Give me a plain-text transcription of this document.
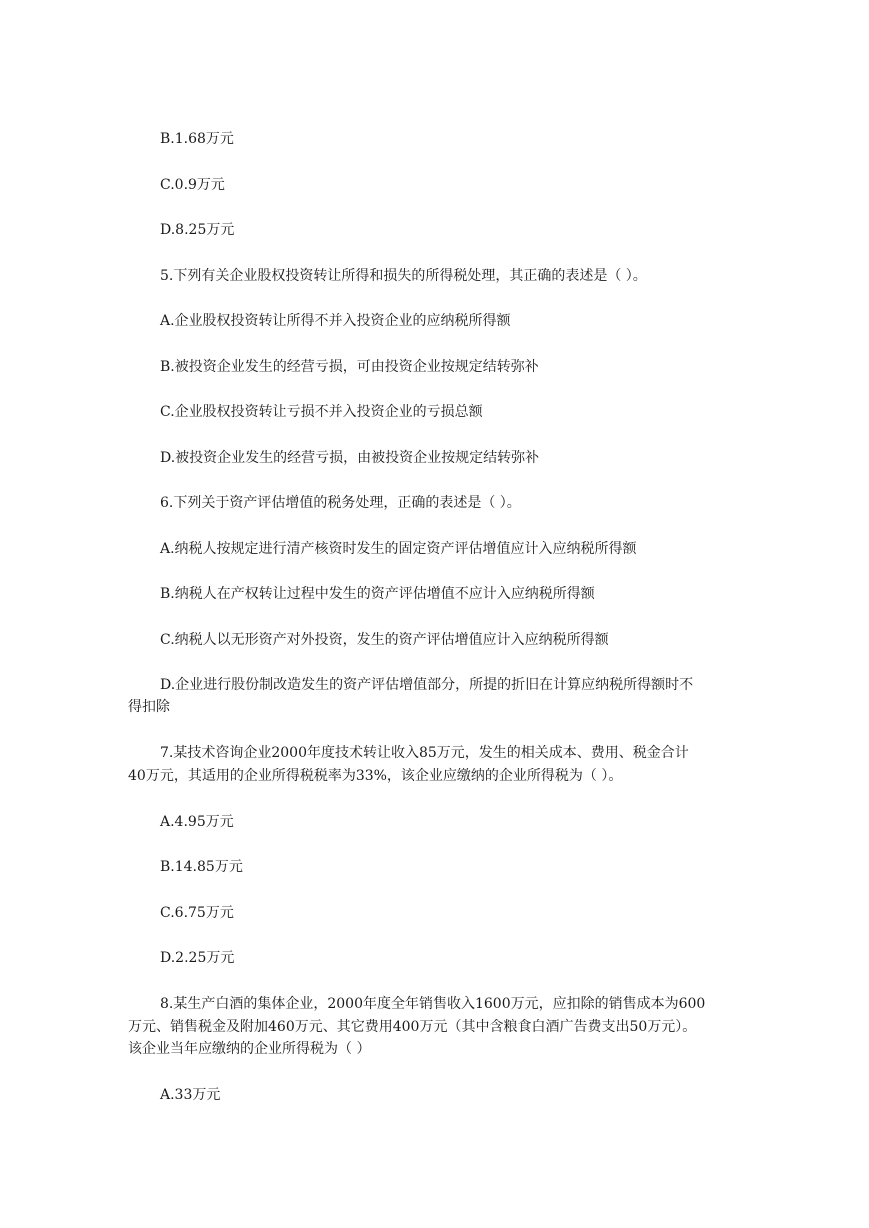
B.1.68万元
C.0.9万元
D.8.25万元
5.下列有关企业股权投资转让所得和损失的所得税处理，其正确的表述是（ ）。
A.企业股权投资转让所得不并入投资企业的应纳税所得额
B.被投资企业发生的经营亏损，可由投资企业按规定结转弥补
C.企业股权投资转让亏损不并入投资企业的亏损总额
D.被投资企业发生的经营亏损，由被投资企业按规定结转弥补
6.下列关于资产评估增值的税务处理，正确的表述是（ ）。
A.纳税人按规定进行清产核资时发生的固定资产评估增值应计入应纳税所得额
B.纳税人在产权转让过程中发生的资产评估增值不应计入应纳税所得额
C.纳税人以无形资产对外投资，发生的资产评估增值应计入应纳税所得额
D.企业进行股份制改造发生的资产评估增值部分，所提的折旧在计算应纳税所得额时不
得扣除
7.某技术咨询企业2000年度技术转让收入85万元，发生的相关成本、费用、税金合计
40万元，其适用的企业所得税税率为33%，该企业应缴纳的企业所得税为（ ）。
A.4.95万元
B.14.85万元
C.6.75万元
D.2.25万元
8.某生产白酒的集体企业，2000年度全年销售收入1600万元，应扣除的销售成本为600
万元、销售税金及附加460万元、其它费用400万元（其中含粮食白酒广告费支出50万元）。
该企业当年应缴纳的企业所得税为（ ）
A.33万元
